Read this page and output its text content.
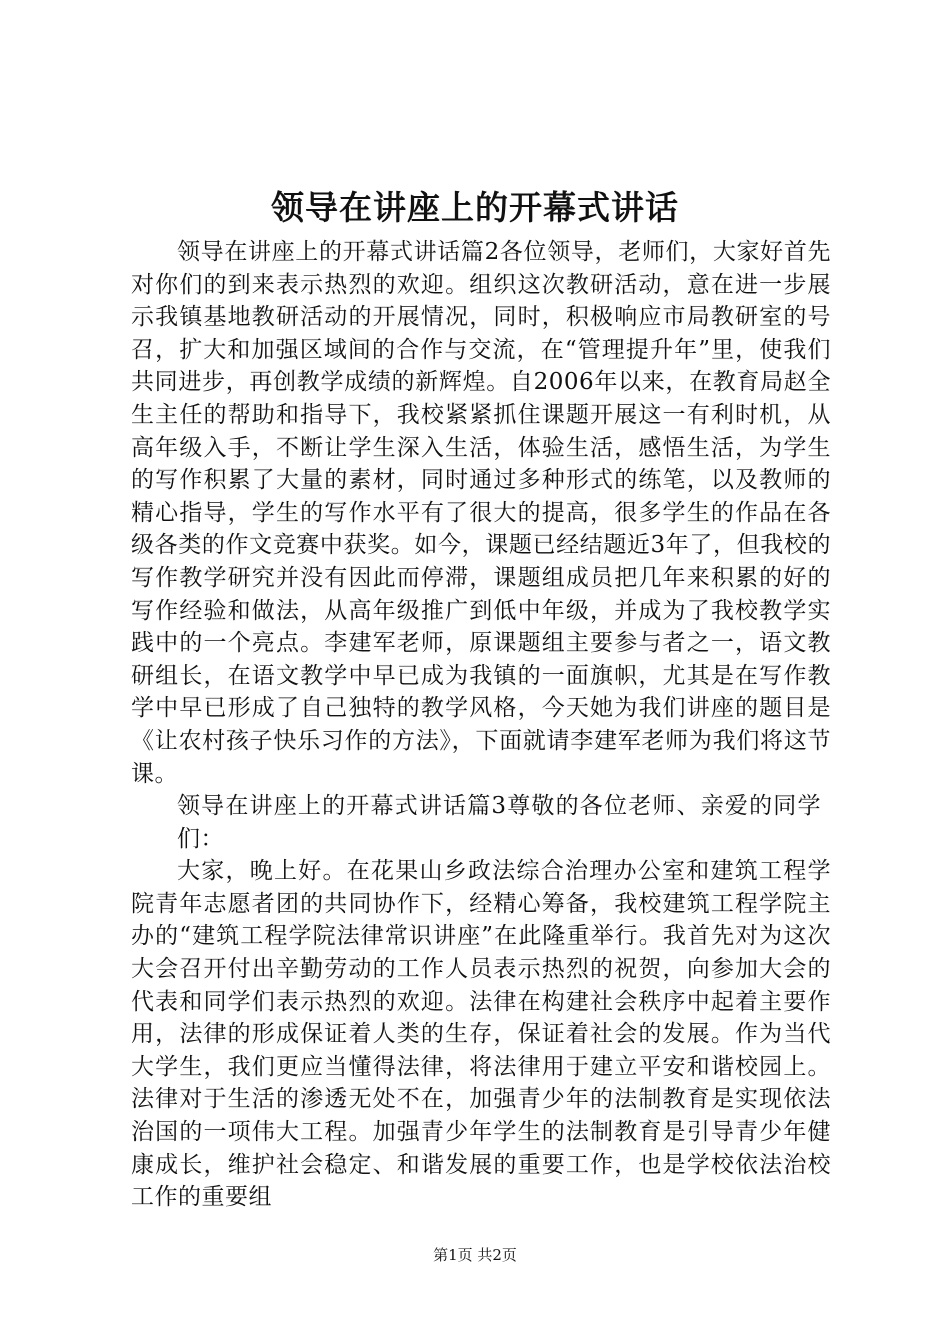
领导在讲座上的开幕式讲话

领导在讲座上的开幕式讲话篇2各位领导，老师们，大家好首先对你们的到来表示热烈的欢迎。组织这次教研活动，意在进一步展示我镇基地教研活动的开展情况，同时，积极响应市局教研室的号召，扩大和加强区域间的合作与交流，在“管理提升年”里，使我们共同进步，再创教学成绩的新辉煌。自2006年以来，在教育局赵全生主任的帮助和指导下，我校紧紧抓住课题开展这一有利时机，从高年级入手，不断让学生深入生活，体验生活，感悟生活，为学生的写作积累了大量的素材，同时通过多种形式的练笔，以及教师的精心指导，学生的写作水平有了很大的提高，很多学生的作品在各级各类的作文竞赛中获奖。如今，课题已经结题近3年了，但我校的写作教学研究并没有因此而停滞，课题组成员把几年来积累的好的写作经验和做法，从高年级推广到低中年级，并成为了我校教学实践中的一个亮点。李建军老师，原课题组主要参与者之一，语文教研组长，在语文教学中早已成为我镇的一面旗帜，尤其是在写作教学中早已形成了自己独特的教学风格，今天她为我们讲座的题目是《让农村孩子快乐习作的方法》，下面就请李建军老师为我们将这节课。

领导在讲座上的开幕式讲话篇3尊敬的各位老师、亲爱的同学们：

大家，晚上好。在花果山乡政法综合治理办公室和建筑工程学院青年志愿者团的共同协作下，经精心筹备，我校建筑工程学院主办的“建筑工程学院法律常识讲座”在此隆重举行。我首先对为这次大会召开付出辛勤劳动的工作人员表示热烈的祝贺，向参加大会的代表和同学们表示热烈的欢迎。法律在构建社会秩序中起着主要作用，法律的形成保证着人类的生存，保证着社会的发展。作为当代大学生，我们更应当懂得法律，将法律用于建立平安和谐校园上。法律对于生活的渗透无处不在，加强青少年的法制教育是实现依法治国的一项伟大工程。加强青少年学生的法制教育是引导青少年健康成长，维护社会稳定、和谐发展的重要工作，也是学校依法治校工作的重要组

第1页 共2页
